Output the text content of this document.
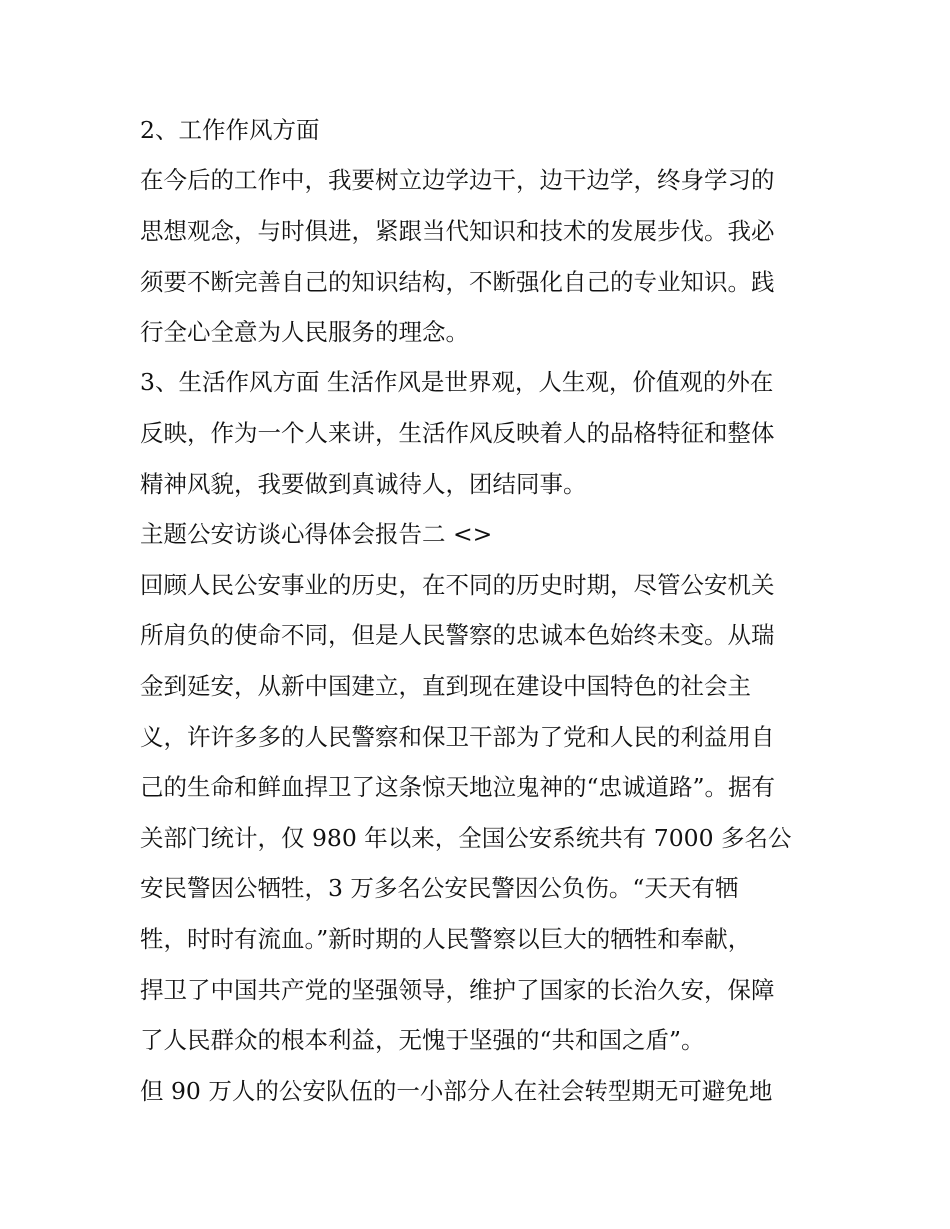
2、工作作风方面
在今后的工作中，我要树立边学边干，边干边学，终身学习的
思想观念，与时俱进，紧跟当代知识和技术的发展步伐。我必
须要不断完善自己的知识结构，不断强化自己的专业知识。践
行全心全意为人民服务的理念。
3、生活作风方面 生活作风是世界观，人生观，价值观的外在
反映，作为一个人来讲，生活作风反映着人的品格特征和整体
精神风貌，我要做到真诚待人，团结同事。
主题公安访谈心得体会报告二 <>
回顾人民公安事业的历史，在不同的历史时期，尽管公安机关
所肩负的使命不同，但是人民警察的忠诚本色始终未变。从瑞
金到延安，从新中国建立，直到现在建设中国特色的社会主
义，许许多多的人民警察和保卫干部为了党和人民的利益用自
己的生命和鲜血捍卫了这条惊天地泣鬼神的“忠诚道路”。据有
关部门统计，仅 980 年以来，全国公安系统共有 7000 多名公
安民警因公牺牲，3 万多名公安民警因公负伤。“天天有牺
牲，时时有流血。”新时期的人民警察以巨大的牺牲和奉献，
捍卫了中国共产党的坚强领导，维护了国家的长治久安，保障
了人民群众的根本利益，无愧于坚强的“共和国之盾”。
但 90 万人的公安队伍的一小部分人在社会转型期无可避免地
